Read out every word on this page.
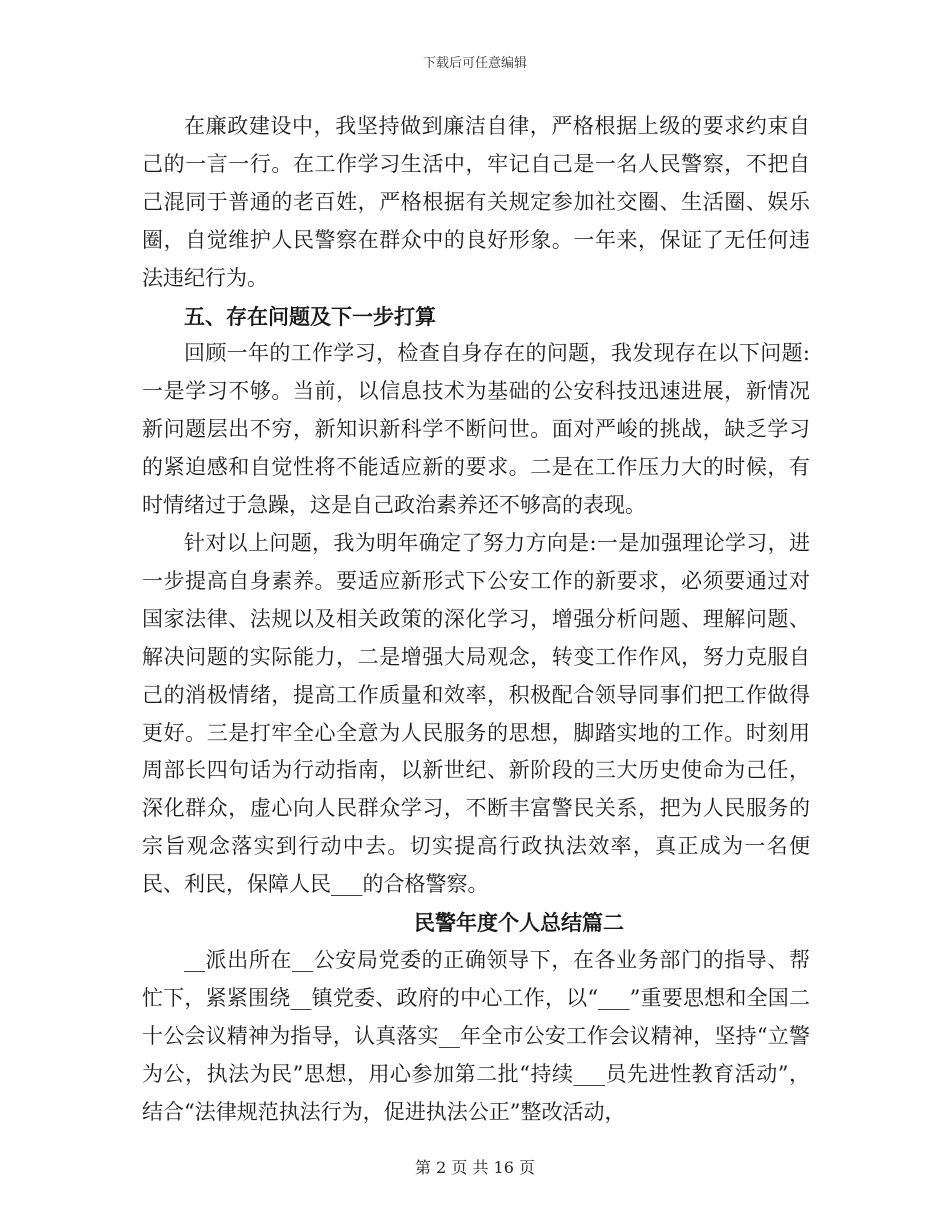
下载后可任意编辑

在廉政建设中，我坚持做到廉洁自律，严格根据上级的要求约束自己的一言一行。在工作学习生活中，牢记自己是一名人民警察，不把自己混同于普通的老百姓，严格根据有关规定参加社交圈、生活圈、娱乐圈，自觉维护人民警察在群众中的良好形象。一年来，保证了无任何违法违纪行为。

五、存在问题及下一步打算

回顾一年的工作学习，检查自身存在的问题，我发现存在以下问题:一是学习不够。当前，以信息技术为基础的公安科技迅速进展，新情况新问题层出不穷，新知识新科学不断问世。面对严峻的挑战，缺乏学习的紧迫感和自觉性将不能适应新的要求。二是在工作压力大的时候，有时情绪过于急躁，这是自己政治素养还不够高的表现。

针对以上问题，我为明年确定了努力方向是:一是加强理论学习，进一步提高自身素养。要适应新形式下公安工作的新要求，必须要通过对国家法律、法规以及相关政策的深化学习，增强分析问题、理解问题、解决问题的实际能力，二是增强大局观念，转变工作作风，努力克服自己的消极情绪，提高工作质量和效率，积极配合领导同事们把工作做得更好。三是打牢全心全意为人民服务的思想，脚踏实地的工作。时刻用周部长四句话为行动指南，以新世纪、新阶段的三大历史使命为己任，深化群众，虚心向人民群众学习，不断丰富警民关系，把为人民服务的宗旨观念落实到行动中去。切实提高行政执法效率，真正成为一名便民、利民，保障人民___的合格警察。

民警年度个人总结篇二

__派出所在__公安局党委的正确领导下，在各业务部门的指导、帮忙下，紧紧围绕__镇党委、政府的中心工作，以“___”重要思想和全国二十公会议精神为指导，认真落实__年全市公安工作会议精神，坚持“立警为公，执法为民”思想，用心参加第二批“持续___员先进性教育活动”，结合“法律规范执法行为，促进执法公正”整改活动，

第 2 页 共 16 页
